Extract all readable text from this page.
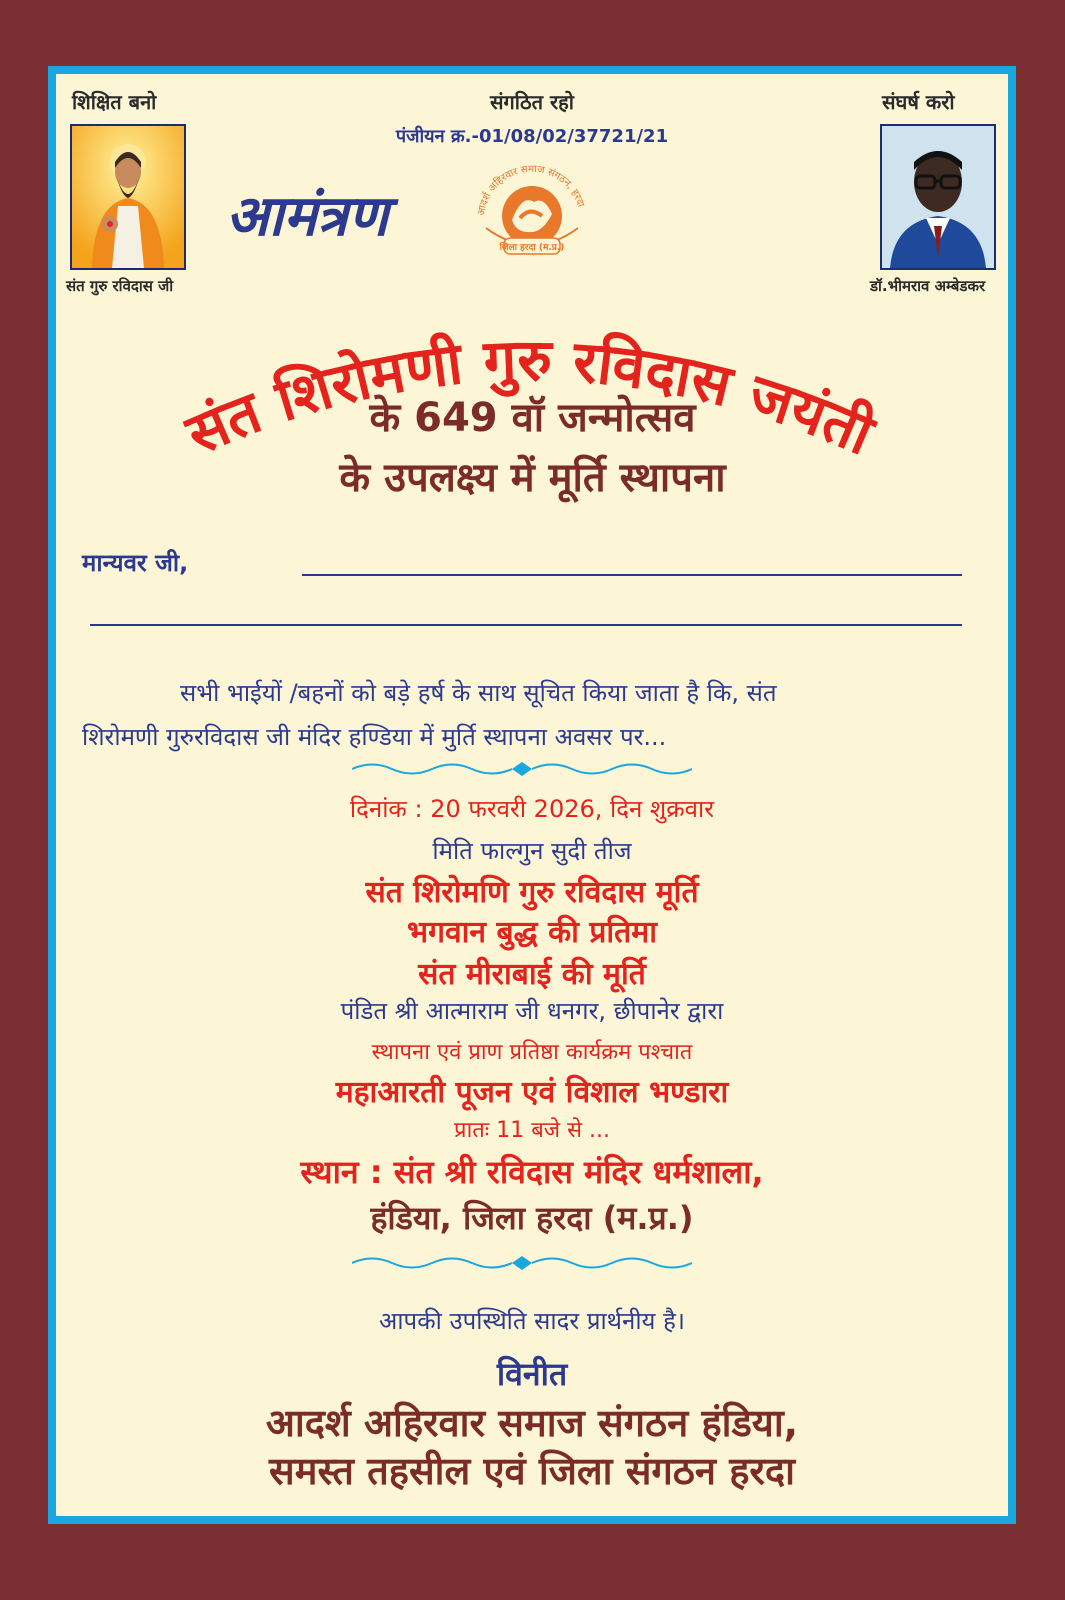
शिक्षित बनो	संगठित रहो	संघर्ष करो
पंजीयन क्र.-01/08/02/37721/21
संत गुरु रविदास जी	डॉ.भीमराव अम्बेडकर
आमंत्रण	आदर्श अहिरवार समाज संगठन, हरदा
जिला हरदा (म.प्र.)
संत शिरोमणी गुरु रविदास जयंती
के 649 वॉ जन्मोत्सव
के उपलक्ष्य में मूर्ति स्थापना
मान्यवर जी,
सभी भाईयों /बहनों को बड़े हर्ष के साथ सूचित किया जाता है कि, संत
शिरोमणी गुरुरविदास जी मंदिर हण्डिया में मुर्ति स्थापना अवसर पर...
दिनांक : 20 फरवरी 2026, दिन शुक्रवार
मिति फाल्गुन सुदी तीज
संत शिरोमणि गुरु रविदास मूर्ति
भगवान बुद्ध की प्रतिमा
संत मीराबाई की मूर्ति
पंडित श्री आत्माराम जी धनगर, छीपानेर द्वारा
स्थापना एवं प्राण प्रतिष्ठा कार्यक्रम पश्चात
महाआरती पूजन एवं विशाल भण्डारा
प्रातः 11 बजे से ...
स्थान : संत श्री रविदास मंदिर धर्मशाला,
हंडिया, जिला हरदा (म.प्र.)
आपकी उपस्थिति सादर प्रार्थनीय है।
विनीत
आदर्श अहिरवार समाज संगठन हंडिया,
समस्त तहसील एवं जिला संगठन हरदा
